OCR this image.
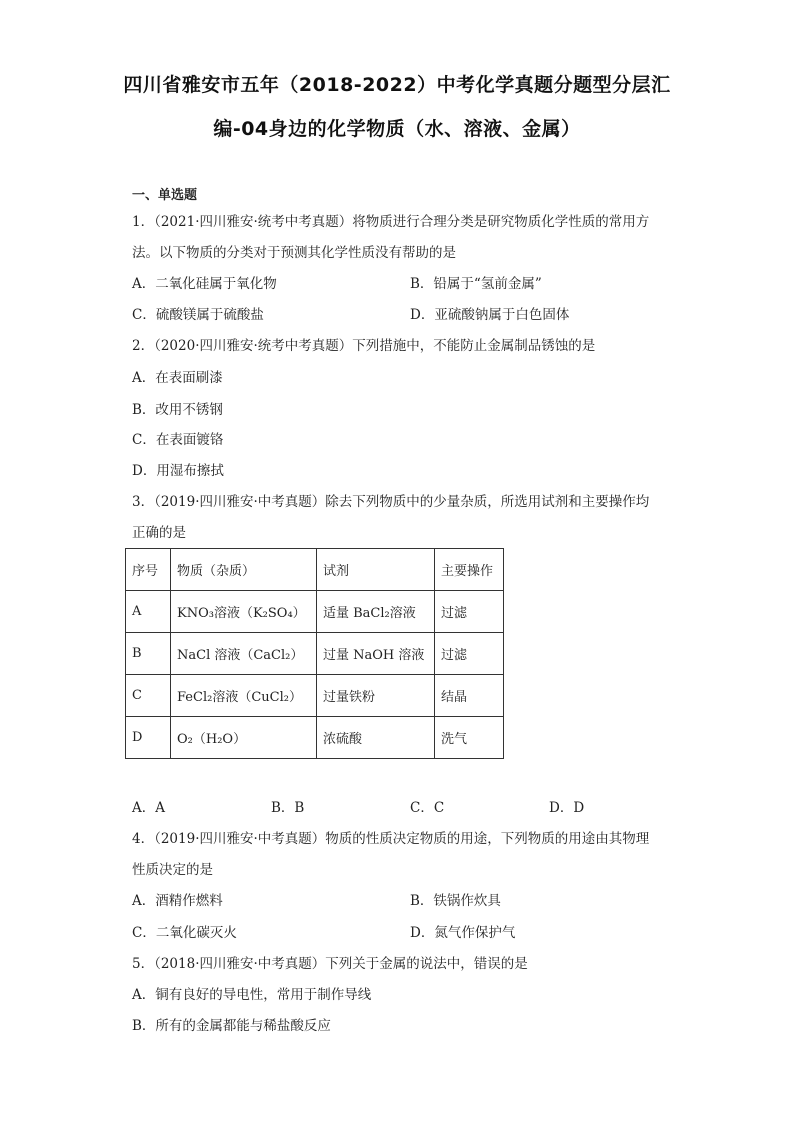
四川省雅安市五年（2018-2022）中考化学真题分题型分层汇
编-04身边的化学物质（水、溶液、金属）
一、单选题
1．（2021·四川雅安·统考中考真题）将物质进行合理分类是研究物质化学性质的常用方
法。以下物质的分类对于预测其化学性质没有帮助的是
A．二氧化硅属于氧化物	B．铅属于“氢前金属”
C．硫酸镁属于硫酸盐	D．亚硫酸钠属于白色固体
2．（2020·四川雅安·统考中考真题）下列措施中，不能防止金属制品锈蚀的是
A．在表面刷漆
B．改用不锈钢
C．在表面镀铬
D．用湿布擦拭
3．（2019·四川雅安·中考真题）除去下列物质中的少量杂质，所选用试剂和主要操作均
正确的是
序号	物质（杂质）	试剂	主要操作
A	KNO₃溶液（K₂SO₄）	适量 BaCl₂溶液	过滤
B	NaCl 溶液（CaCl₂）	过量 NaOH 溶液	过滤
C	FeCl₂溶液（CuCl₂）	过量铁粉	结晶
D	O₂（H₂O）	浓硫酸	洗气
A．A	B．B	C．C	D．D
4．（2019·四川雅安·中考真题）物质的性质决定物质的用途，下列物质的用途由其物理
性质决定的是
A．酒精作燃料	B．铁锅作炊具
C．二氧化碳灭火	D．氮气作保护气
5．（2018·四川雅安·中考真题）下列关于金属的说法中，错误的是
A．铜有良好的导电性，常用于制作导线
B．所有的金属都能与稀盐酸反应
